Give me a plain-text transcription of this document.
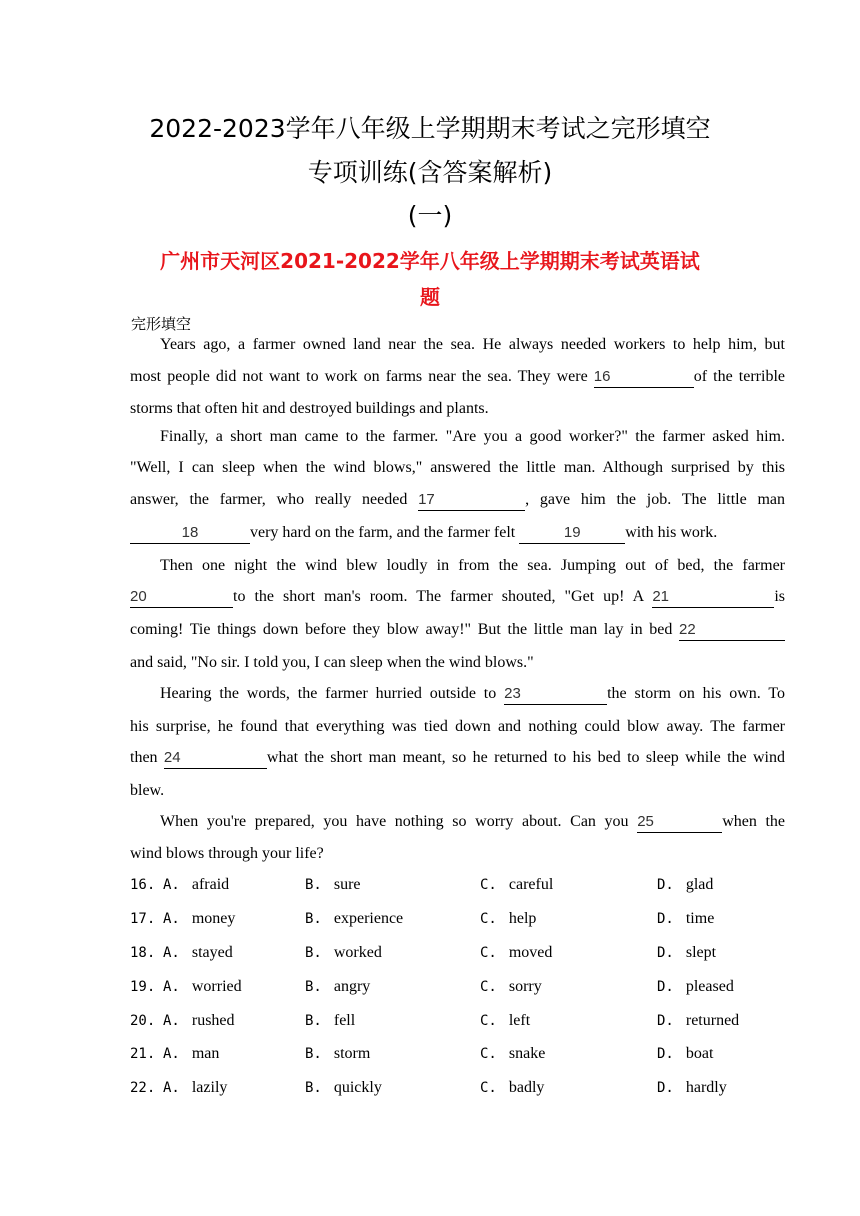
2022-2023学年八年级上学期期末考试之完形填空
专项训练(含答案解析)
(一)
广州市天河区2021-2022学年八年级上学期期末考试英语试
题
完形填空
Years ago, a farmer owned land near the sea. He always needed workers to help him, but
most people did not want to work on farms near the sea. They were 16	of the terrible
storms that often hit and destroyed buildings and plants.
Finally, a short man came to the farmer. "Are you a good worker?" the farmer asked him.
"Well, I can sleep when the wind blows," answered the little man. Although surprised by this
answer, the farmer, who really needed 17	, gave him the job. The little man
18	very hard on the farm, and the farmer felt	19	with his work.
Then one night the wind blew loudly in from the sea. Jumping out of bed, the farmer
20	to the short man's room. The farmer shouted, "Get up! A 21	is
coming! Tie things down before they blow away!" But the little man lay in bed 22
and said, "No sir. I told you, I can sleep when the wind blows."
Hearing the words, the farmer hurried outside to 23	the storm on his own. To
his surprise, he found that everything was tied down and nothing could blow away. The farmer
then 24	what the short man meant, so he returned to his bed to sleep while the wind
blew.
When you're prepared, you have nothing so worry about. Can you 25	when the
wind blows through your life?
16. A. afraid	B. sure	C. careful	D. glad
17. A. money	B. experience	C. help	D. time
18. A. stayed	B. worked	C. moved	D. slept
19. A. worried	B. angry	C. sorry	D. pleased
20. A. rushed	B. fell	C. left	D. returned
21. A. man	B. storm	C. snake	D. boat
22. A. lazily	B. quickly	C. badly	D. hardly
